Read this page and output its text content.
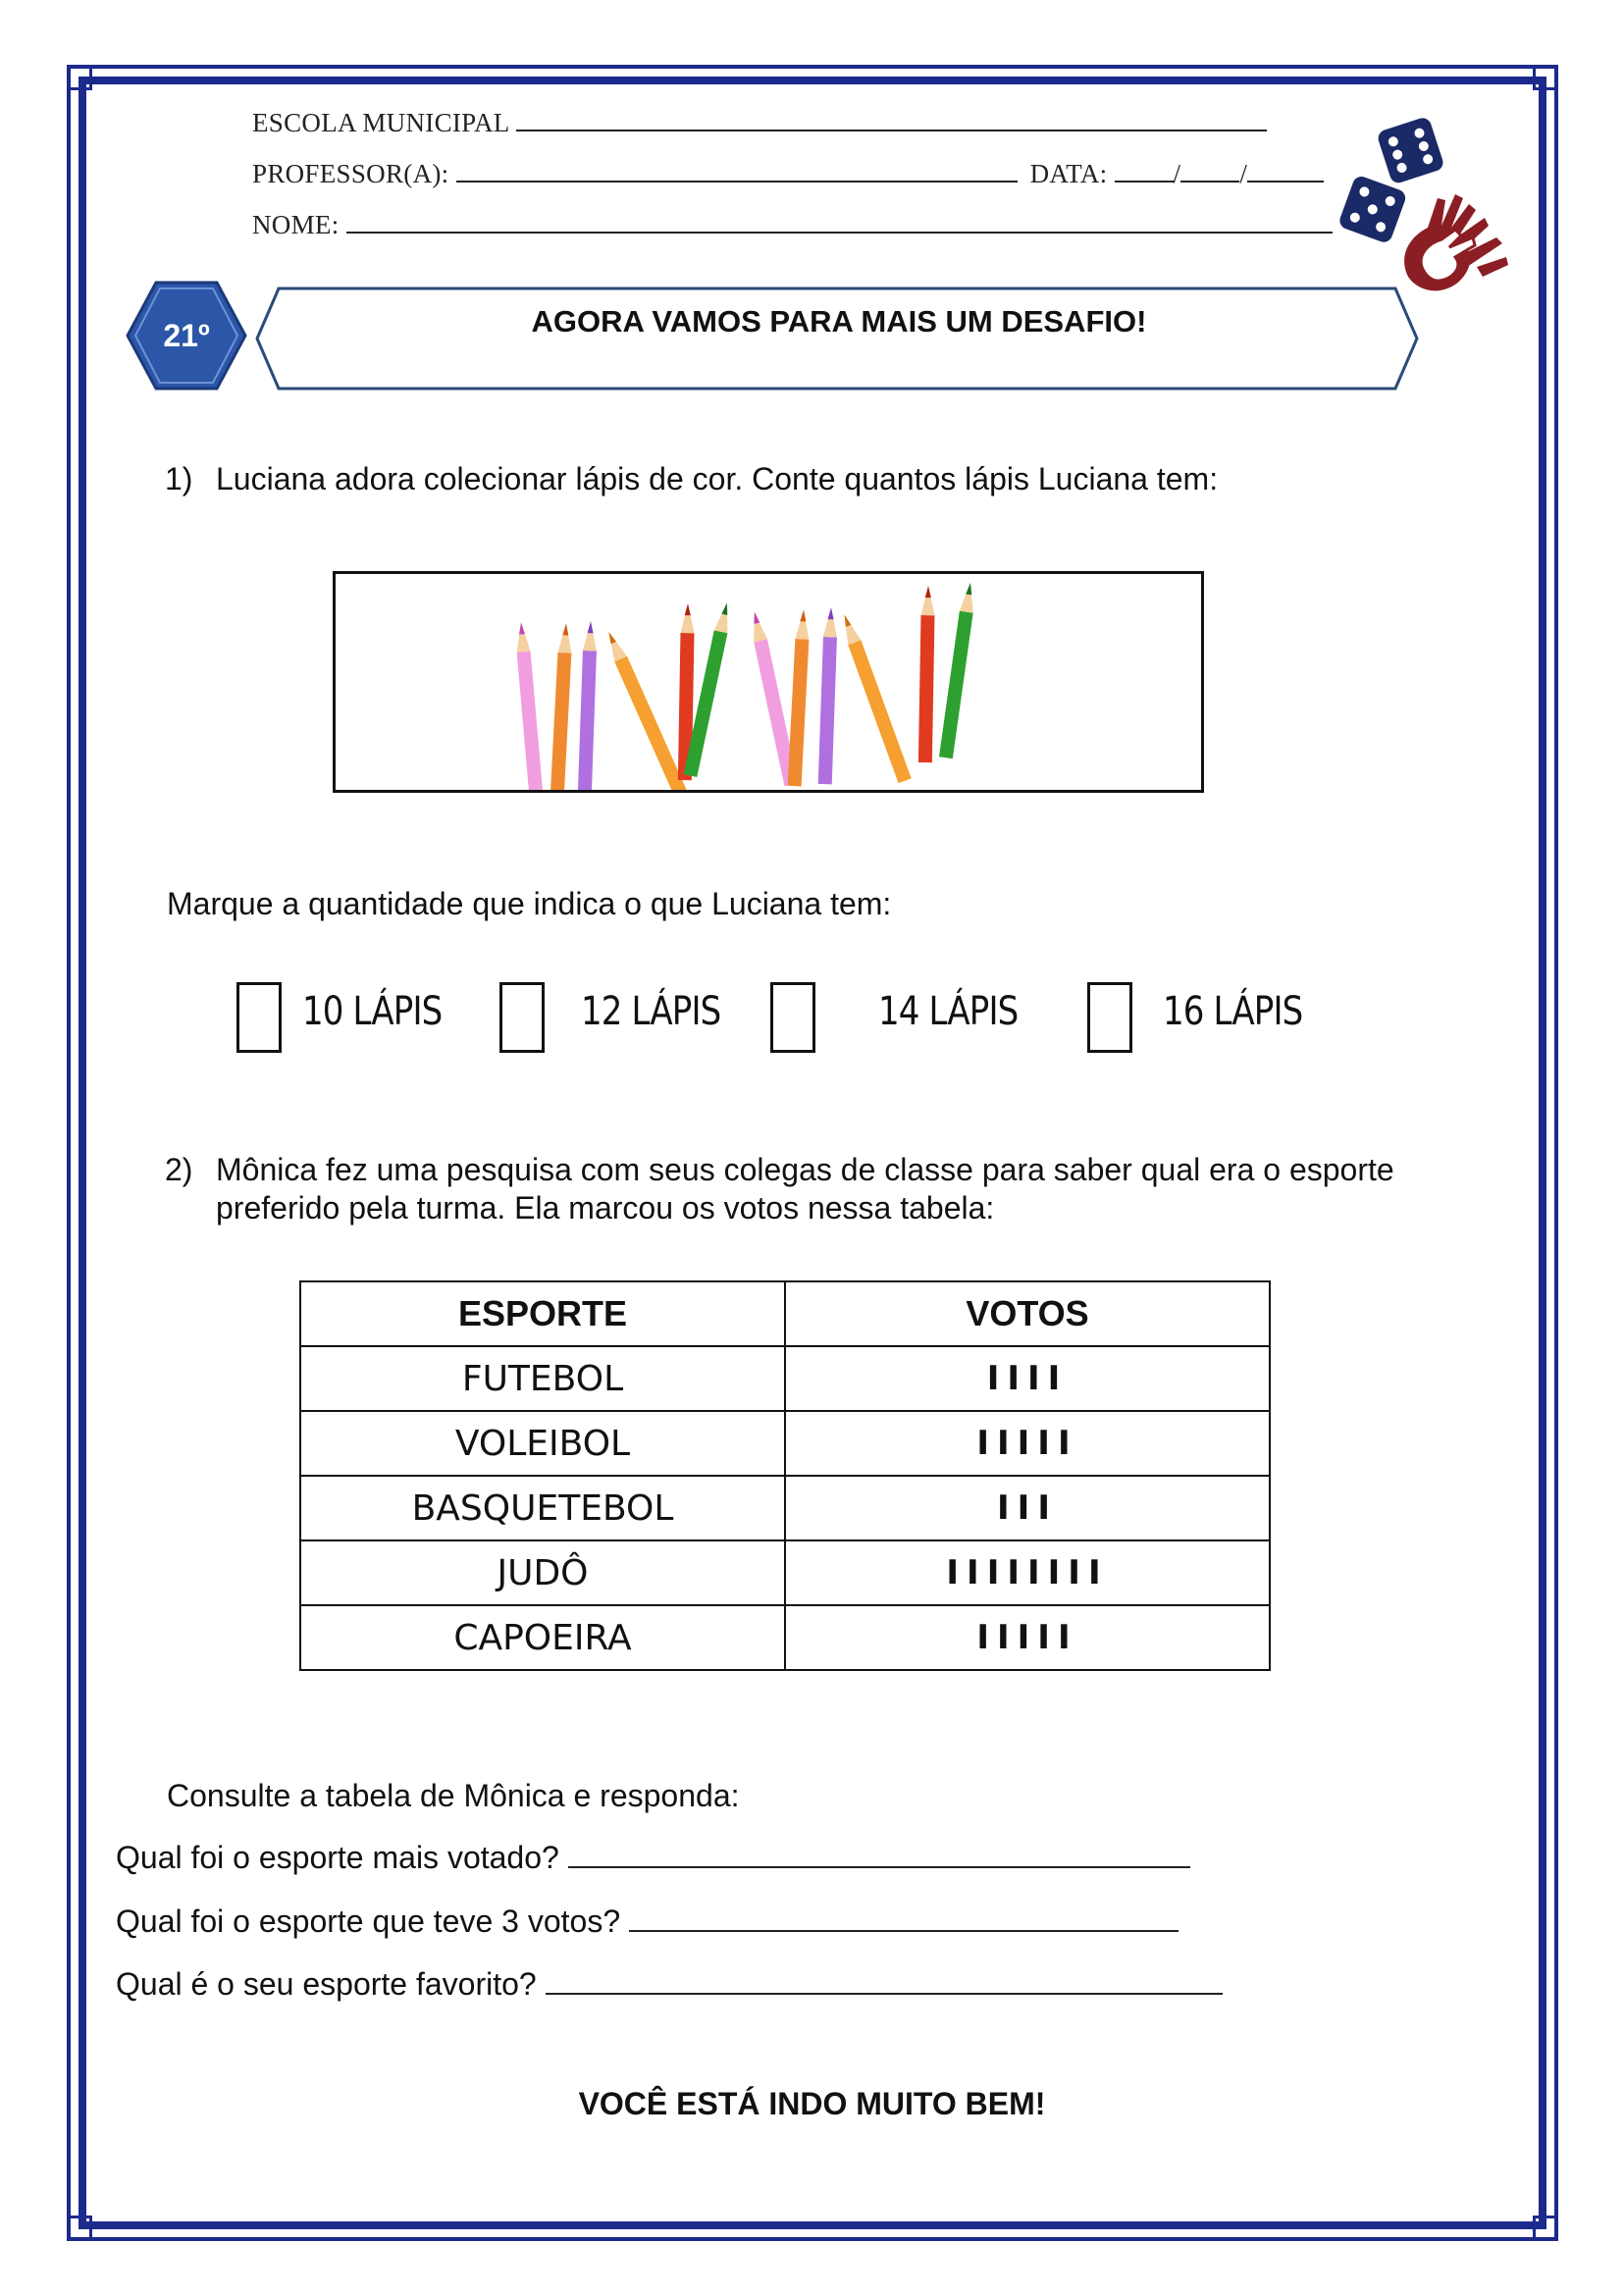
ESCOLA MUNICIPAL
PROFESSOR(A):	DATA: / /
NOME:
21º	AGORA VAMOS PARA MAIS UM DESAFIO!
1) Luciana adora colecionar lápis de cor. Conte quantos lápis Luciana tem:
Marque a quantidade que indica o que Luciana tem:
10 LÁPIS	12 LÁPIS	14 LÁPIS	16 LÁPIS
2) Mônica fez uma pesquisa com seus colegas de classe para saber qual era o esporte
preferido pela turma. Ela marcou os votos nessa tabela:
ESPORTE	VOTOS
FUTEBOL	IIII
VOLEIBOL	IIIII
BASQUETEBOL	III
JUDÔ	IIIIIIII
CAPOEIRA	IIIII
Consulte a tabela de Mônica e responda:
Qual foi o esporte mais votado?
Qual foi o esporte que teve 3 votos?
Qual é o seu esporte favorito?
VOCÊ ESTÁ INDO MUITO BEM!
